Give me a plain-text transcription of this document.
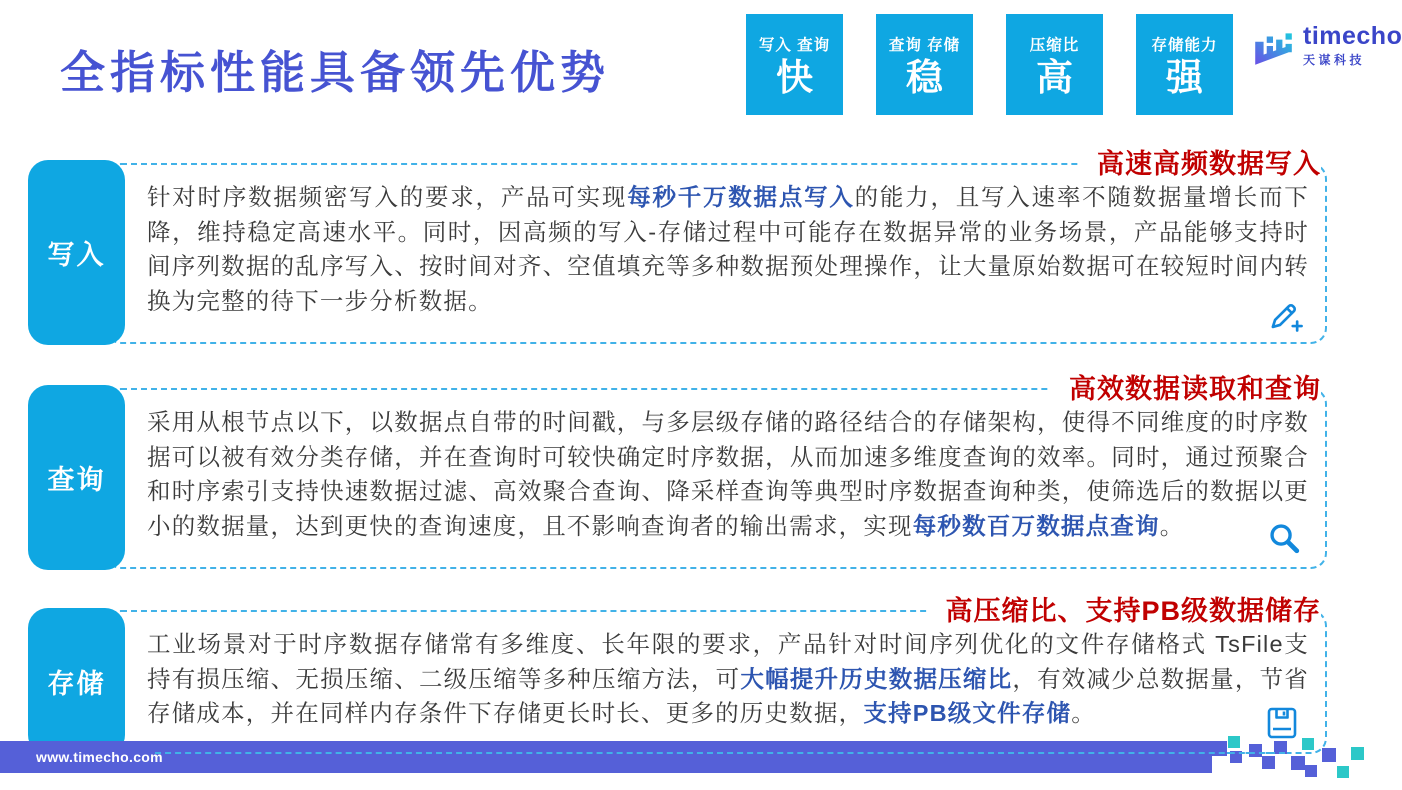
全指标性能具备领先优势
写入 查询
快
查询 存储
稳
压缩比
高
存储能力
强
timecho
天谋科技
高速高频数据写入
针对时序数据频密写入的要求，产品可实现每秒千万数据点写入的能力，且写入速率不随数据量增长而下降，维持稳定高速水平。同时，因高频的写入-存储过程中可能存在数据异常的业务场景，产品能够支持时间序列数据的乱序写入、按时间对齐、空值填充等多种数据预处理操作，让大量原始数据可在较短时间内转换为完整的待下一步分析数据。
写入
高效数据读取和查询
采用从根节点以下，以数据点自带的时间戳，与多层级存储的路径结合的存储架构，使得不同维度的时序数据可以被有效分类存储，并在查询时可较快确定时序数据，从而加速多维度查询的效率。同时，通过预聚合和时序索引支持快速数据过滤、高效聚合查询、降采样查询等典型时序数据查询种类，使筛选后的数据以更小的数据量，达到更快的查询速度，且不影响查询者的输出需求，实现每秒数百万数据点查询。
查询
高压缩比、支持PB级数据储存
工业场景对于时序数据存储常有多维度、长年限的要求，产品针对时间序列优化的文件存储格式 TsFile支持有损压缩、无损压缩、二级压缩等多种压缩方法，可大幅提升历史数据压缩比，有效减少总数据量，节省存储成本，并在同样内存条件下存储更长时长、更多的历史数据，支持PB级文件存储。
存储
www.timecho.com
